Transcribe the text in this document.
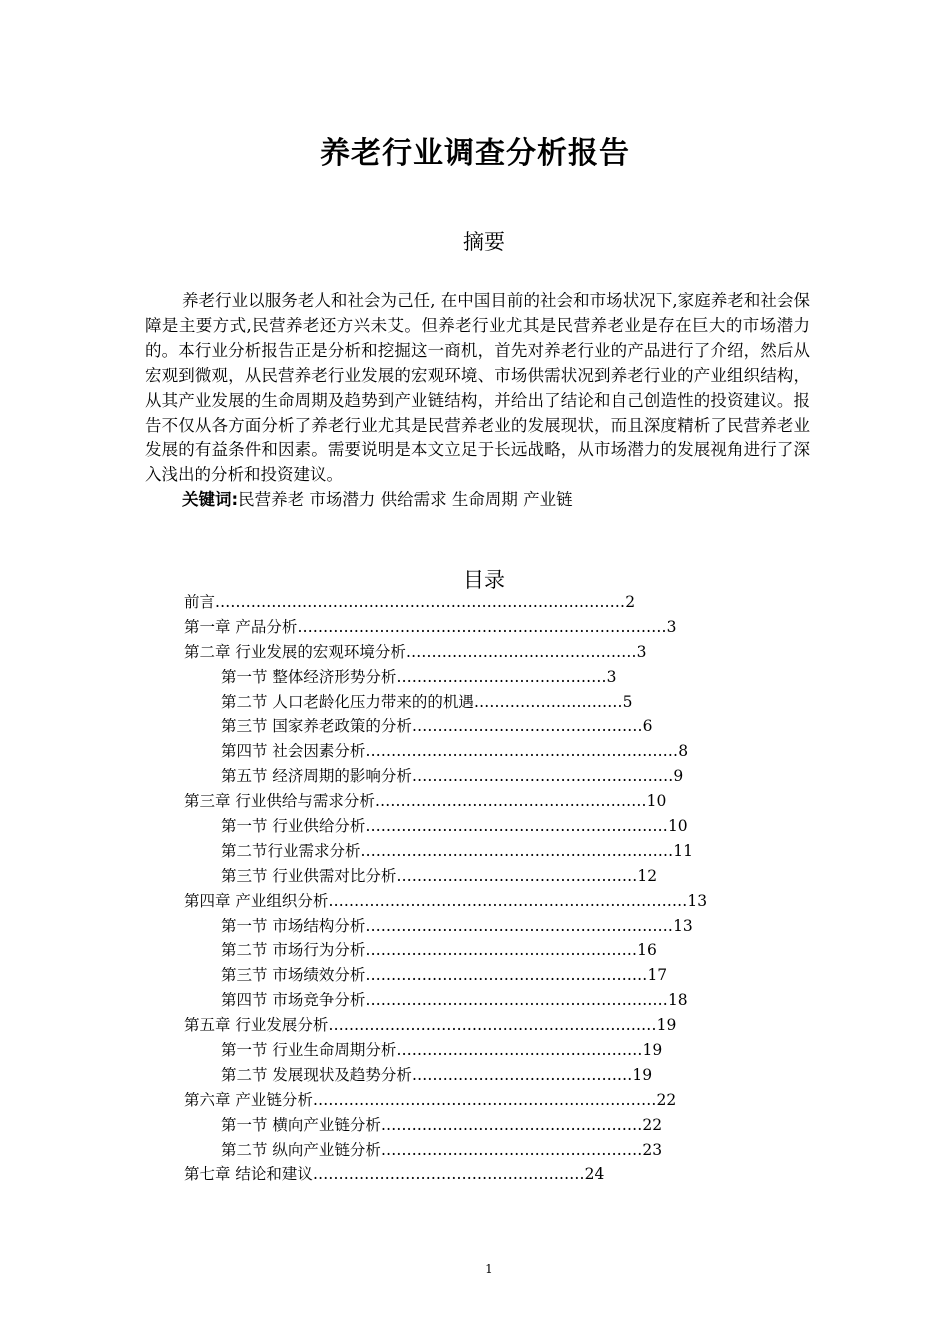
养老行业调查分析报告
摘要

养老行业以服务老人和社会为己任, 在中国目前的社会和市场状况下,家庭养老和社会保障是主要方式,民营养老还方兴未艾。但养老行业尤其是民营养老业是存在巨大的市场潜力的。本行业分析报告正是分析和挖掘这一商机，首先对养老行业的产品进行了介绍，然后从宏观到微观，从民营养老行业发展的宏观环境、市场供需状况到养老行业的产业组织结构，从其产业发展的生命周期及趋势到产业链结构，并给出了结论和自己创造性的投资建议。报告不仅从各方面分析了养老行业尤其是民营养老业的发展现状，而且深度精析了民营养老业发展的有益条件和因素。需要说明是本文立足于长远战略，从市场潜力的发展视角进行了深入浅出的分析和投资建议。

关键词:民营养老 市场潜力 供给需求 生命周期 产业链

目录
前言................................................................................2
第一章 产品分析........................................................................3
第二章 行业发展的宏观环境分析.............................................3
第一节 整体经济形势分析.........................................3
第二节 人口老龄化压力带来的的机遇.............................5
第三节 国家养老政策的分析.............................................6
第四节 社会因素分析.............................................................8
第五节 经济周期的影响分析...................................................9
第三章 行业供给与需求分析.....................................................10
第一节 行业供给分析...........................................................10
第二节行业需求分析.............................................................11
第三节 行业供需对比分析...............................................12
第四章 产业组织分析......................................................................13
第一节 市场结构分析............................................................13
第二节 市场行为分析.....................................................16
第三节 市场绩效分析.......................................................17
第四节 市场竞争分析...........................................................18
第五章 行业发展分析................................................................19
第一节 行业生命周期分析................................................19
第二节 发展现状及趋势分析...........................................19
第六章 产业链分析...................................................................22
第一节 横向产业链分析...................................................22
第二节 纵向产业链分析...................................................23
第七章 结论和建议.....................................................24
1
